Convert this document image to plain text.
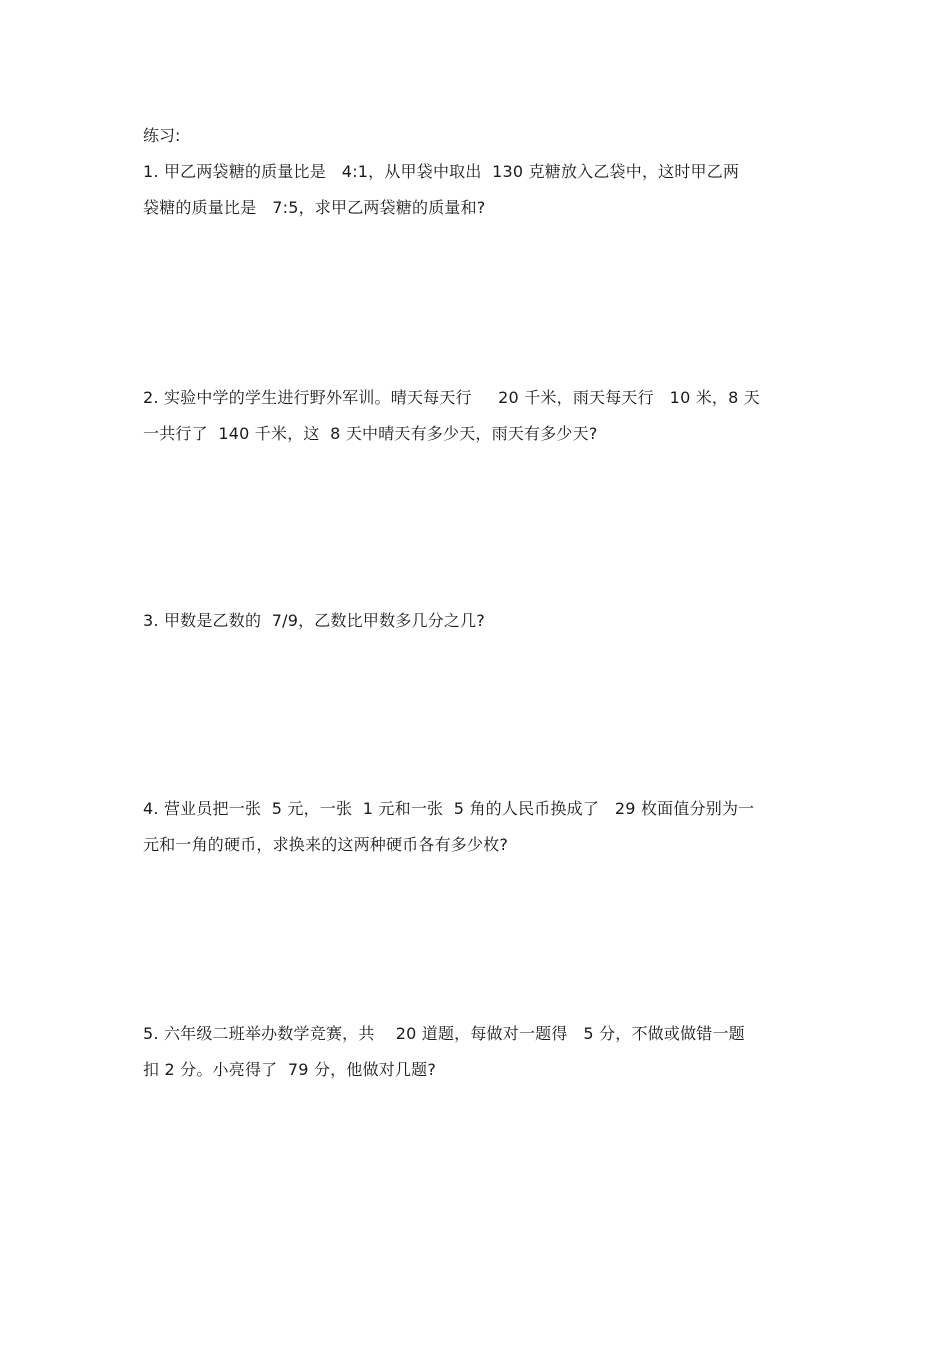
练习:
1. 甲乙两袋糖的质量比是   4:1，从甲袋中取出  130 克糖放入乙袋中，这时甲乙两
袋糖的质量比是   7:5，求甲乙两袋糖的质量和?
2. 实验中学的学生进行野外军训。晴天每天行     20 千米，雨天每天行   10 米，8 天
一共行了  140 千米，这  8 天中晴天有多少天，雨天有多少天?
3. 甲数是乙数的  7/9，乙数比甲数多几分之几?
4. 营业员把一张  5 元，一张  1 元和一张  5 角的人民币换成了   29 枚面值分别为一
元和一角的硬币，求换来的这两种硬币各有多少枚?
5. 六年级二班举办数学竞赛，共    20 道题，每做对一题得   5 分，不做或做错一题
扣 2 分。小亮得了  79 分，他做对几题?
